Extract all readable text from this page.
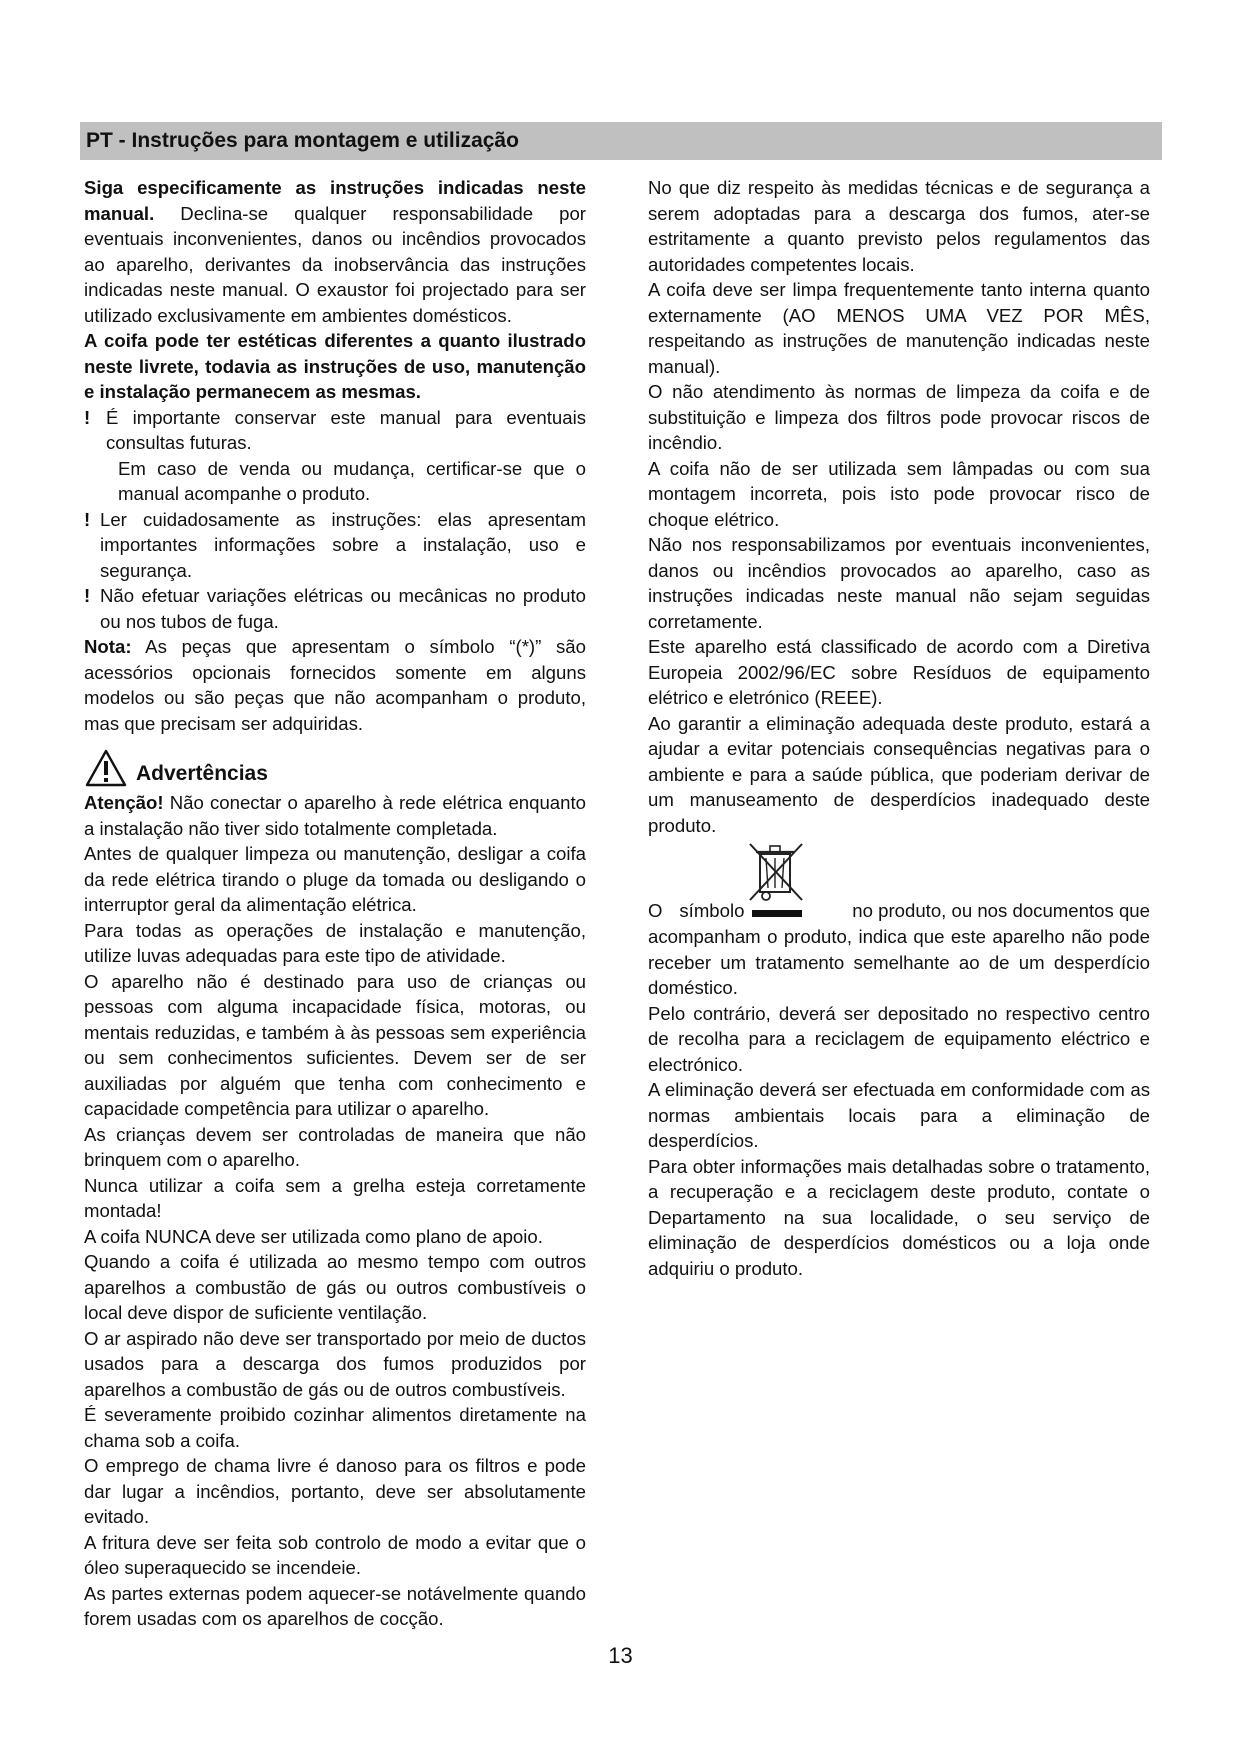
PT - Instruções para montagem e utilização

Siga especificamente as instruções indicadas neste manual. Declina-se qualquer responsabilidade por eventuais inconvenientes, danos ou incêndios provocados ao aparelho, derivantes da inobservância das instruções indicadas neste manual. O exaustor foi projectado para ser utilizado exclusivamente em ambientes domésticos.

A coifa pode ter estéticas diferentes a quanto ilustrado neste livrete, todavia as instruções de uso, manutenção e instalação permanecem as mesmas.

! É importante conservar este manual para eventuais consultas futuras.

Em caso de venda ou mudança, certificar-se que o manual acompanhe o produto.

! Ler cuidadosamente as instruções: elas apresentam importantes informações sobre a instalação, uso e segurança.

! Não efetuar variações elétricas ou mecânicas no produto ou nos tubos de fuga.

Nota: As peças que apresentam o símbolo “(*)” são acessórios opcionais fornecidos somente em alguns modelos ou são peças que não acompanham o produto, mas que precisam ser adquiridas.

Advertências

Atenção! Não conectar o aparelho à rede elétrica enquanto a instalação não tiver sido totalmente completada.

Antes de qualquer limpeza ou manutenção, desligar a coifa da rede elétrica tirando o pluge da tomada ou desligando o interruptor geral da alimentação elétrica.

Para todas as operações de instalação e manutenção, utilize luvas adequadas para este tipo de atividade.

O aparelho não é destinado para uso de crianças ou pessoas com alguma incapacidade física, motoras, ou mentais reduzidas, e também à às pessoas sem experiência ou sem conhecimentos suficientes. Devem ser de ser auxiliadas por alguém que tenha com conhecimento e capacidade competência para utilizar o aparelho.

As crianças devem ser controladas de maneira que não brinquem com o aparelho.

Nunca utilizar a coifa sem a grelha esteja corretamente montada!

A coifa NUNCA deve ser utilizada como plano de apoio.

Quando a coifa é utilizada ao mesmo tempo com outros aparelhos a combustão de gás ou outros combustíveis o local deve dispor de suficiente ventilação.

O ar aspirado não deve ser transportado por meio de ductos usados para a descarga dos fumos produzidos por aparelhos a combustão de gás ou de outros combustíveis.

É severamente proibido cozinhar alimentos diretamente na chama sob a coifa.

O emprego de chama livre é danoso para os filtros e pode dar lugar a incêndios, portanto, deve ser absolutamente evitado.

A fritura deve ser feita sob controlo de modo a evitar que o óleo superaquecido se incendeie.

As partes externas podem aquecer-se notávelmente quando forem usadas com os aparelhos de cocção.

No que diz respeito às medidas técnicas e de segurança a serem adoptadas para a descarga dos fumos, ater-se estritamente a quanto previsto pelos regulamentos das autoridades competentes locais.

A coifa deve ser limpa frequentemente tanto interna quanto externamente (AO MENOS UMA VEZ POR MÊS, respeitando as instruções de manutenção indicadas neste manual).

O não atendimento às normas de limpeza da coifa e de substituição e limpeza dos filtros pode provocar riscos de incêndio.

A coifa não de ser utilizada sem lâmpadas ou com sua montagem incorreta, pois isto pode provocar risco de choque elétrico.

Não nos responsabilizamos por eventuais inconvenientes, danos ou incêndios provocados ao aparelho, caso as instruções indicadas neste manual não sejam seguidas corretamente.

Este aparelho está classificado de acordo com a Diretiva Europeia 2002/96/EC sobre Resíduos de equipamento elétrico e eletrónico (REEE).

Ao garantir a eliminação adequada deste produto, estará a ajudar a evitar potenciais consequências negativas para o ambiente e para a saúde pública, que poderiam derivar de um manuseamento de desperdícios inadequado deste produto.

O símbolo	no produto, ou nos documentos que

acompanham o produto, indica que este aparelho não pode receber um tratamento semelhante ao de um desperdício doméstico.

Pelo contrário, deverá ser depositado no respectivo centro de recolha para a reciclagem de equipamento eléctrico e electrónico.

A eliminação deverá ser efectuada em conformidade com as normas ambientais locais para a eliminação de desperdícios.

Para obter informações mais detalhadas sobre o tratamento, a recuperação e a reciclagem deste produto, contate o Departamento na sua localidade, o seu serviço de eliminação de desperdícios domésticos ou a loja onde adquiriu o produto.

13
